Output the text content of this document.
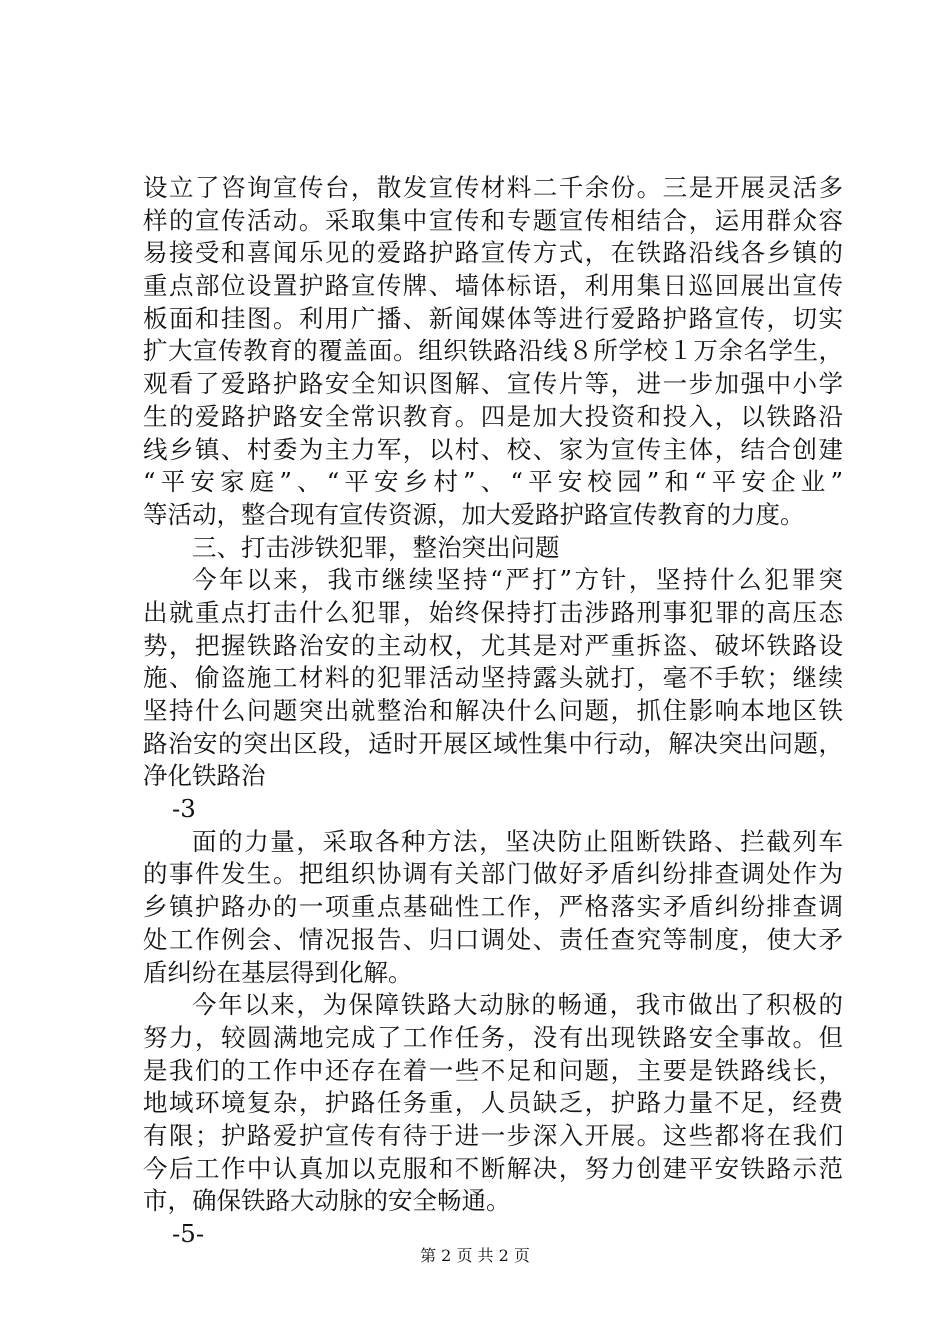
设立了咨询宣传台，散发宣传材料二千余份。三是开展灵活多
样的宣传活动。采取集中宣传和专题宣传相结合，运用群众容
易接受和喜闻乐见的爱路护路宣传方式，在铁路沿线各乡镇的
重点部位设置护路宣传牌、墙体标语，利用集日巡回展出宣传
板面和挂图。利用广播、新闻媒体等进行爱路护路宣传，切实
扩大宣传教育的覆盖面。组织铁路沿线８所学校１万余名学生，
观看了爱路护路安全知识图解、宣传片等，进一步加强中小学
生的爱路护路安全常识教育。四是加大投资和投入，以铁路沿
线乡镇、村委为主力军，以村、校、家为宣传主体，结合创建
“平安家庭”、“平安乡村”、“平安校园”和“平安企业”
等活动，整合现有宣传资源，加大爱路护路宣传教育的力度。
三、打击涉铁犯罪，整治突出问题
今年以来，我市继续坚持“严打”方针，坚持什么犯罪突
出就重点打击什么犯罪，始终保持打击涉路刑事犯罪的高压态
势，把握铁路治安的主动权，尤其是对严重拆盗、破坏铁路设
施、偷盗施工材料的犯罪活动坚持露头就打，毫不手软；继续
坚持什么问题突出就整治和解决什么问题，抓住影响本地区铁
路治安的突出区段，适时开展区域性集中行动，解决突出问题，
净化铁路治
-3
面的力量，采取各种方法，坚决防止阻断铁路、拦截列车
的事件发生。把组织协调有关部门做好矛盾纠纷排查调处作为
乡镇护路办的一项重点基础性工作，严格落实矛盾纠纷排查调
处工作例会、情况报告、归口调处、责任查究等制度，使大矛
盾纠纷在基层得到化解。
今年以来，为保障铁路大动脉的畅通，我市做出了积极的
努力，较圆满地完成了工作任务，没有出现铁路安全事故。但
是我们的工作中还存在着一些不足和问题，主要是铁路线长，
地域环境复杂，护路任务重，人员缺乏，护路力量不足，经费
有限；护路爱护宣传有待于进一步深入开展。这些都将在我们
今后工作中认真加以克服和不断解决，努力创建平安铁路示范
市，确保铁路大动脉的安全畅通。
-5-
第 2 页 共 2 页
